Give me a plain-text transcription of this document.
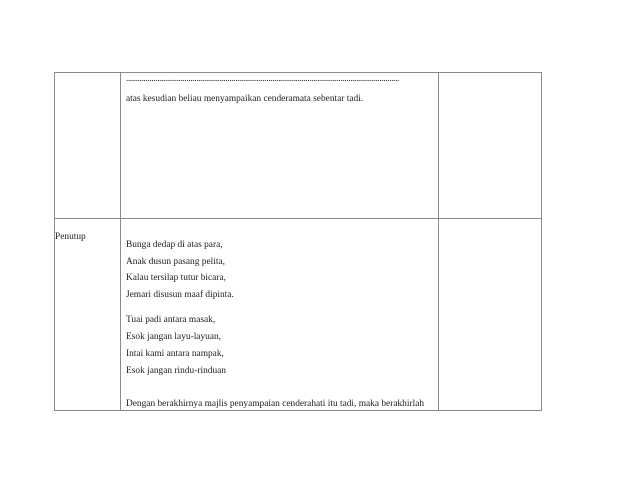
............................................................................................................................................
atas kesudian beliau menyampaikan cenderamata sebentar tadi.
Penutup
Bunga dedap di atas para,
Anak dusun pasang pelita,
Kalau tersilap tutur bicara,
Jemari disusun maaf dipinta.
Tuai padi antara masak,
Esok jangan layu-layuan,
Intai kami antara nampak,
Esok jangan rindu-rinduan
Dengan berakhirnya majlis penyampaian cenderahati itu tadi, maka berakhirlah
